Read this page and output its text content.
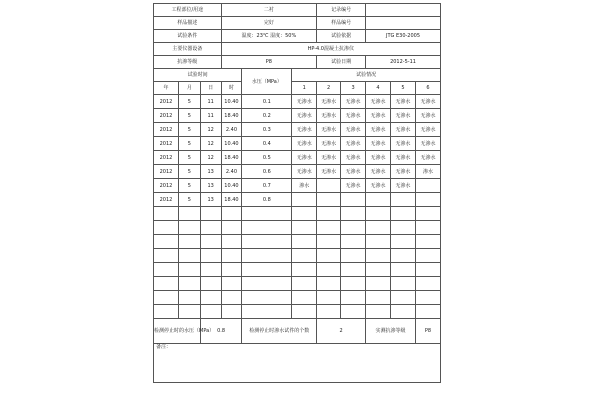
工程部位/用途			二衬			记录编号				
样品描述			完好			样品编号				
试验条件			温度：23℃ 湿度：50%			试验依据		JTG E30-2005		
主要仪器设备			HP-4.0混凝土抗渗仪							
抗渗等级			P8			试验日期		2012-5-11		
试验时间				水压（MPa）	试验情况					
年	月	日	时		1	2	3	4	5	6
2012	5	11	10.40	0.1	无渗水	无渗水	无渗水	无渗水	无渗水	无渗水
2012	5	11	18.40	0.2	无渗水	无渗水	无渗水	无渗水	无渗水	无渗水
2012	5	12	2.40	0.3	无渗水	无渗水	无渗水	无渗水	无渗水	无渗水
2012	5	12	10.40	0.4	无渗水	无渗水	无渗水	无渗水	无渗水	无渗水
2012	5	12	18.40	0.5	无渗水	无渗水	无渗水	无渗水	无渗水	无渗水
2012	5	13	2.40	0.6	无渗水	无渗水	无渗水	无渗水	无渗水	渗水
2012	5	13	10.40	0.7	渗水		无渗水	无渗水	无渗水	
2012	5	13	18.40	0.8						

检测停止时的水压（MPa）		0.8		检测停止时渗水试件的个数		2		实测抗渗等级		P8
备注：										
